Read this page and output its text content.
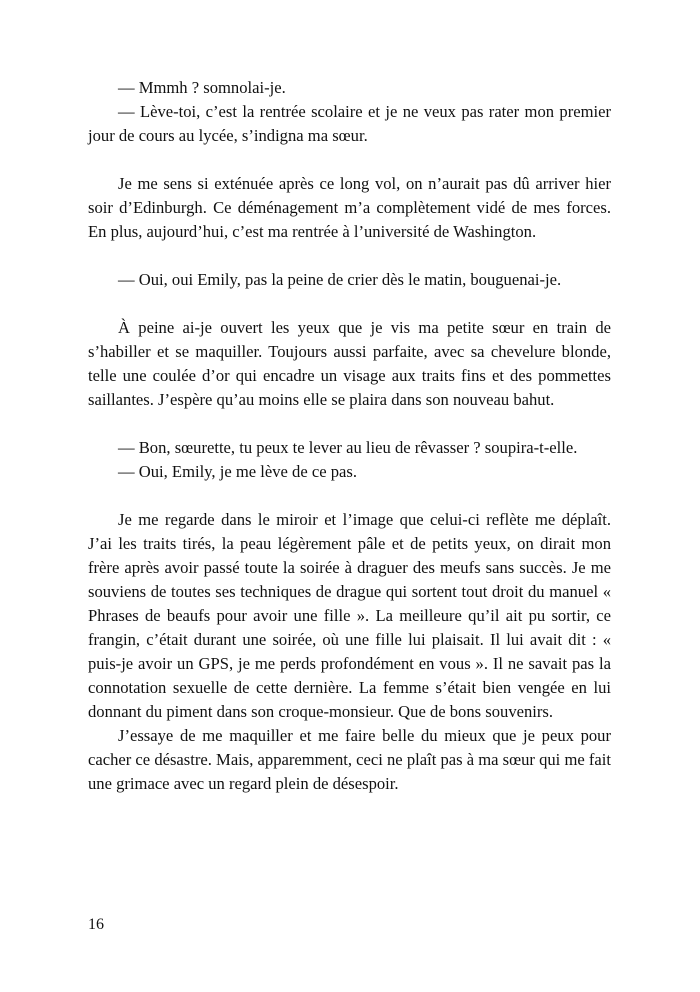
— Mmmh ? somnolai-je.

— Lève-toi, c’est la rentrée scolaire et je ne veux pas rater mon premier jour de cours au lycée, s’indigna ma sœur.

Je me sens si exténuée après ce long vol, on n’aurait pas dû arriver hier soir d’Edinburgh. Ce déménagement m’a complètement vidé de mes forces. En plus, aujourd’hui, c’est ma rentrée à l’université de Washington.

— Oui, oui Emily, pas la peine de crier dès le matin, bouguenai-je.

À peine ai-je ouvert les yeux que je vis ma petite sœur en train de s’habiller et se maquiller. Toujours aussi parfaite, avec sa chevelure blonde, telle une coulée d’or qui encadre un visage aux traits fins et des pommettes saillantes. J’espère qu’au moins elle se plaira dans son nouveau bahut.

— Bon, sœurette, tu peux te lever au lieu de rêvasser ? soupira-t-elle.

— Oui, Emily, je me lève de ce pas.

Je me regarde dans le miroir et l’image que celui-ci reflète me déplaît. J’ai les traits tirés, la peau légèrement pâle et de petits yeux, on dirait mon frère après avoir passé toute la soirée à draguer des meufs sans succès. Je me souviens de toutes ses techniques de drague qui sortent tout droit du manuel « Phrases de beaufs pour avoir une fille ». La meilleure qu’il ait pu sortir, ce frangin, c’était durant une soirée, où une fille lui plaisait. Il lui avait dit : « puis-je avoir un GPS, je me perds profondément en vous ». Il ne savait pas la connotation sexuelle de cette dernière. La femme s’était bien vengée en lui donnant du piment dans son croque-monsieur. Que de bons souvenirs.

J’essaye de me maquiller et me faire belle du mieux que je peux pour cacher ce désastre. Mais, apparemment, ceci ne plaît pas à ma sœur qui me fait une grimace avec un regard plein de désespoir.

16
